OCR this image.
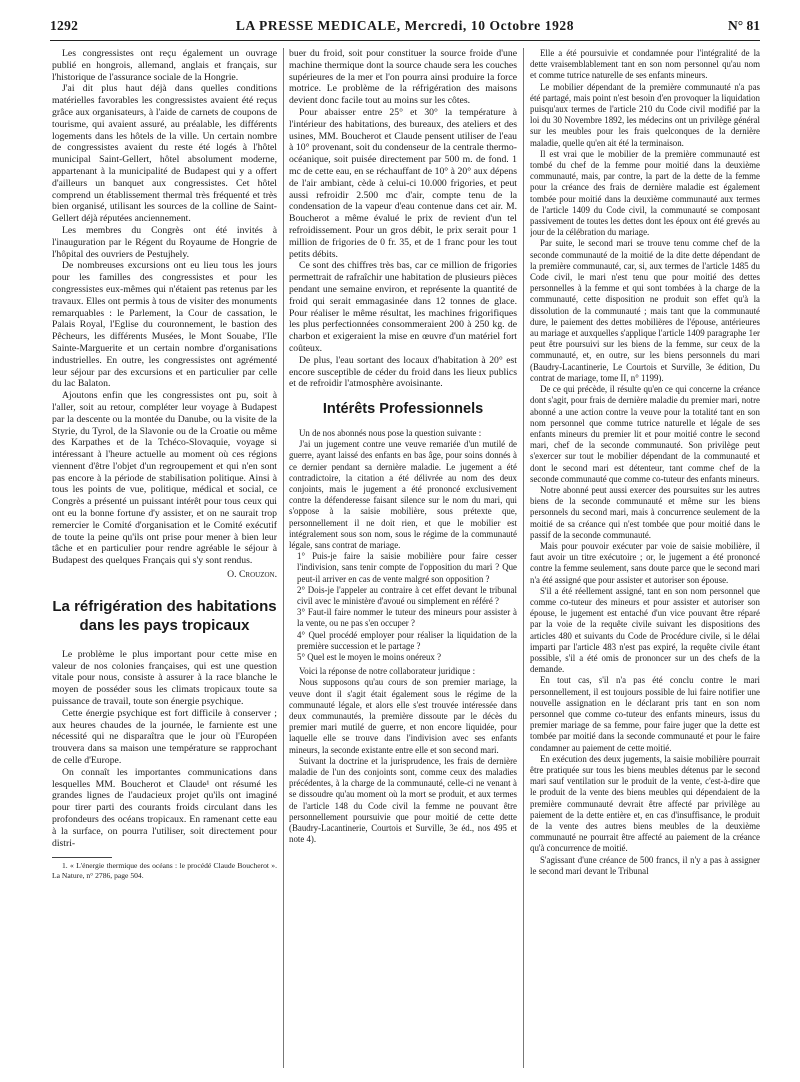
1292	LA PRESSE MEDICALE, Mercredi, 10 Octobre 1928	N° 81

Les congressistes ont reçu également un ouvrage publié en hongrois, allemand, anglais et français, sur l'historique de l'assurance sociale de la Hongrie.

J'ai dit plus haut déjà dans quelles conditions matérielles favorables les congressistes avaient été reçus grâce aux organisateurs, à l'aide de carnets de coupons de tourisme, qui avaient assuré, au préalable, les différents logements dans les hôtels de la ville. Un certain nombre de congressistes avaient du reste été logés à l'hôtel municipal Saint-Gellert, hôtel absolument moderne, appartenant à la municipalité de Budapest qui y a offert d'ailleurs un banquet aux congressistes. Cet hôtel comprend un établissement thermal très fréquenté et très bien organisé, utilisant les sources de la colline de Saint-Gellert déjà réputées anciennement.

Les membres du Congrès ont été invités à l'inauguration par le Régent du Royaume de Hongrie de l'hôpital des ouvriers de Pestujhely.

De nombreuses excursions ont eu lieu tous les jours pour les familles des congressistes et pour les congressistes eux-mêmes qui n'étaient pas retenus par les travaux. Elles ont permis à tous de visiter des monuments remarquables : le Parlement, la Cour de cassation, le Palais Royal, l'Eglise du couronnement, le bastion des Pêcheurs, les différents Musées, le Mont Souabe, l'Ile Sainte-Marguerite et un certain nombre d'organisations industrielles. En outre, les congressistes ont agrémenté leur séjour par des excursions et en particulier par celle du lac Balaton.

Ajoutons enfin que les congressistes ont pu, soit à l'aller, soit au retour, compléter leur voyage à Budapest par la descente ou la montée du Danube, ou la visite de la Styrie, du Tyrol, de la Slavonie ou de la Croatie ou même des Karpathes et de la Tchéco-Slovaquie, voyage si intéressant à l'heure actuelle au moment où ces régions viennent d'être l'objet d'un regroupement et qui n'en sont pas encore à la période de stabilisation politique. Ainsi à tous les points de vue, politique, médical et social, ce Congrès a présenté un puissant intérêt pour tous ceux qui ont eu la bonne fortune d'y assister, et on ne saurait trop remercier le Comité d'organisation et le Comité exécutif de toute la peine qu'ils ont prise pour mener à bien leur tâche et en particulier pour rendre agréable le séjour à Budapest des quelques Français qui s'y sont rendus.

O. Crouzon.

La réfrigération des habitations dans les pays tropicaux

Le problème le plus important pour cette mise en valeur de nos colonies françaises, qui est une question vitale pour nous, consiste à assurer à la race blanche le moyen de posséder sous les climats tropicaux toute sa puissance de travail, toute son énergie psychique.

Cette énergie psychique est fort difficile à conserver ; aux heures chaudes de la journée, le farniente est une nécessité qui ne disparaîtra que le jour où l'Européen trouvera dans sa maison une température se rapprochant de celle d'Europe.

On connaît les importantes communications dans lesquelles MM. Boucherot et Claude¹ ont résumé les grandes lignes de l'audacieux projet qu'ils ont imaginé pour tirer parti des courants froids circulant dans les profondeurs des océans tropicaux. En ramenant cette eau à la surface, on pourra l'utiliser, soit directement pour distri-

1. « L'énergie thermique des océans : le procédé Claude Boucherot ». La Nature, n° 2786, page 504.

buer du froid, soit pour constituer la source froide d'une machine thermique dont la source chaude sera les couches supérieures de la mer et l'on pourra ainsi produire la force motrice. Le problème de la réfrigération des maisons devient donc facile tout au moins sur les côtes.

Pour abaisser entre 25° et 30° la température à l'intérieur des habitations, des bureaux, des ateliers et des usines, MM. Boucherot et Claude pensent utiliser de l'eau à 10° provenant, soit du condenseur de la centrale thermo-océanique, soit puisée directement par 500 m. de fond. 1 mc de cette eau, en se réchauffant de 10° à 20° aux dépens de l'air ambiant, cède à celui-ci 10.000 frigories, et peut aussi refroidir 2.500 mc d'air, compte tenu de la condensation de la vapeur d'eau contenue dans cet air. M. Boucherot a même évalué le prix de revient d'un tel refroidissement. Pour un gros débit, le prix serait pour 1 million de frigories de 0 fr. 35, et de 1 franc pour les tout petits débits.

Ce sont des chiffres très bas, car ce million de frigories permettrait de rafraîchir une habitation de plusieurs pièces pendant une semaine environ, et représente la quantité de froid qui serait emmagasinée dans 12 tonnes de glace. Pour réaliser le même résultat, les machines frigorifiques les plus perfectionnées consommeraient 200 à 250 kg. de charbon et exigeraient la mise en œuvre d'un matériel fort coûteux.

De plus, l'eau sortant des locaux d'habitation à 20° est encore susceptible de céder du froid dans les lieux publics et de refroidir l'atmosphère avoisinante.

Intérêts Professionnels

Un de nos abonnés nous pose la question suivante :

J'ai un jugement contre une veuve remariée d'un mutilé de guerre, ayant laissé des enfants en bas âge, pour soins donnés à ce dernier pendant sa dernière maladie. Le jugement a été contradictoire, la citation a été délivrée au nom des deux conjoints, mais le jugement a été prononcé exclusivement contre la défenderesse faisant silence sur le nom du mari, qui s'oppose à la saisie mobilière, sous prétexte que, personnellement il ne doit rien, et que le mobilier est intégralement sous son nom, sous le régime de la communauté légale, sans contrat de mariage.

1° Puis-je faire la saisie mobilière pour faire cesser l'indivision, sans tenir compte de l'opposition du mari ? Que peut-il arriver en cas de vente malgré son opposition ?

2° Dois-je l'appeler au contraire à cet effet devant le tribunal civil avec le ministère d'avoué ou simplement en référé ?

3° Faut-il faire nommer le tuteur des mineurs pour assister à la vente, ou ne pas s'en occuper ?

4° Quel procédé employer pour réaliser la liquidation de la première succession et le partage ?

5° Quel est le moyen le moins onéreux ?

Voici la réponse de notre collaborateur juridique :

Nous supposons qu'au cours de son premier mariage, la veuve dont il s'agit était également sous le régime de la communauté légale, et alors elle s'est trouvée intéressée dans deux communautés, la première dissoute par le décès du premier mari mutilé de guerre, et non encore liquidée, pour laquelle elle se trouve dans l'indivision avec ses enfants mineurs, la seconde existante entre elle et son second mari.

Suivant la doctrine et la jurisprudence, les frais de dernière maladie de l'un des conjoints sont, comme ceux des maladies précédentes, à la charge de la communauté, celle-ci ne venant à se dissoudre qu'au moment où la mort se produit, et aux termes de l'article 148 du Code civil la femme ne pouvant être personnellement poursuivie que pour moitié de cette dette (Baudry-Lacantinerie, Courtois et Surville, 3e éd., nos 495 et note 4).

Elle a été poursuivie et condamnée pour l'intégralité de la dette vraisemblablement tant en son nom personnel qu'au nom et comme tutrice naturelle de ses enfants mineurs.

Le mobilier dépendant de la première communauté n'a pas été partagé, mais point n'est besoin d'en provoquer la liquidation puisqu'aux termes de l'article 210 du Code civil modifié par la loi du 30 Novembre 1892, les médecins ont un privilège général sur les meubles pour les frais quelconques de la dernière maladie, quelle qu'en ait été la terminaison.

Il est vrai que le mobilier de la première communauté est tombé du chef de la femme pour moitié dans la deuxième communauté, mais, par contre, la part de la dette de la femme pour la créance des frais de dernière maladie est également tombée pour moitié dans la deuxième communauté aux termes de l'article 1409 du Code civil, la communauté se composant passivement de toutes les dettes dont les époux ont été grevés au jour de la célébration du mariage.

Par suite, le second mari se trouve tenu comme chef de la seconde communauté de la moitié de la dite dette dépendant de la première communauté, car, si, aux termes de l'article 1485 du Code civil, le mari n'est tenu que pour moitié des dettes personnelles à la femme et qui sont tombées à la charge de la communauté, cette disposition ne produit son effet qu'à la dissolution de la communauté ; mais tant que la communauté dure, le paiement des dettes mobilières de l'épouse, antérieures au mariage et auxquelles s'applique l'article 1409 paragraphe 1er peut être poursuivi sur les biens de la femme, sur ceux de la communauté, et, en outre, sur les biens personnels du mari (Baudry-Lacantinerie, Le Courtois et Surville, 3e édition, Du contrat de mariage, tome II, n° 1199).

De ce qui précède, il résulte qu'en ce qui concerne la créance dont s'agit, pour frais de dernière maladie du premier mari, notre abonné a une action contre la veuve pour la totalité tant en son nom personnel que comme tutrice naturelle et légale de ses enfants mineurs du premier lit et pour moitié contre le second mari, chef de la seconde communauté. Son privilège peut s'exercer sur tout le mobilier dépendant de la communauté et dont le second mari est détenteur, tant comme chef de la seconde communauté que comme co-tuteur des enfants mineurs.

Notre abonné peut aussi exercer des poursuites sur les autres biens de la seconde communauté et même sur les biens personnels du second mari, mais à concurrence seulement de la moitié de sa créance qui n'est tombée que pour moitié dans le passif de la seconde communauté.

Mais pour pouvoir exécuter par voie de saisie mobilière, il faut avoir un titre exécutoire ; or, le jugement a été prononcé contre la femme seulement, sans doute parce que le second mari n'a été assigné que pour assister et autoriser son épouse.

S'il a été réellement assigné, tant en son nom personnel que comme co-tuteur des mineurs et pour assister et autoriser son épouse, le jugement est entaché d'un vice pouvant être réparé par la voie de la requête civile suivant les dispositions des articles 480 et suivants du Code de Procédure civile, si le délai imparti par l'article 483 n'est pas expiré, la requête civile étant possible, s'il a été omis de prononcer sur un des chefs de la demande.

En tout cas, s'il n'a pas été conclu contre le mari personnellement, il est toujours possible de lui faire notifier une nouvelle assignation en le déclarant pris tant en son nom personnel que comme co-tuteur des enfants mineurs, issus du premier mariage de sa femme, pour faire juger que la dette est tombée par moitié dans la seconde communauté et pour le faire condamner au paiement de cette moitié.

En exécution des deux jugements, la saisie mobilière pourrait être pratiquée sur tous les biens meubles détenus par le second mari sauf ventilation sur le produit de la vente, c'est-à-dire que le produit de la vente des biens meubles qui dépendaient de la première communauté devrait être affecté par privilège au paiement de la dette entière et, en cas d'insuffisance, le produit de la vente des autres biens meubles de la deuxième communauté ne pourrait être affecté au paiement de la créance qu'à concurrence de moitié.

S'agissant d'une créance de 500 francs, il n'y a pas à assigner le second mari devant le Tribunal
